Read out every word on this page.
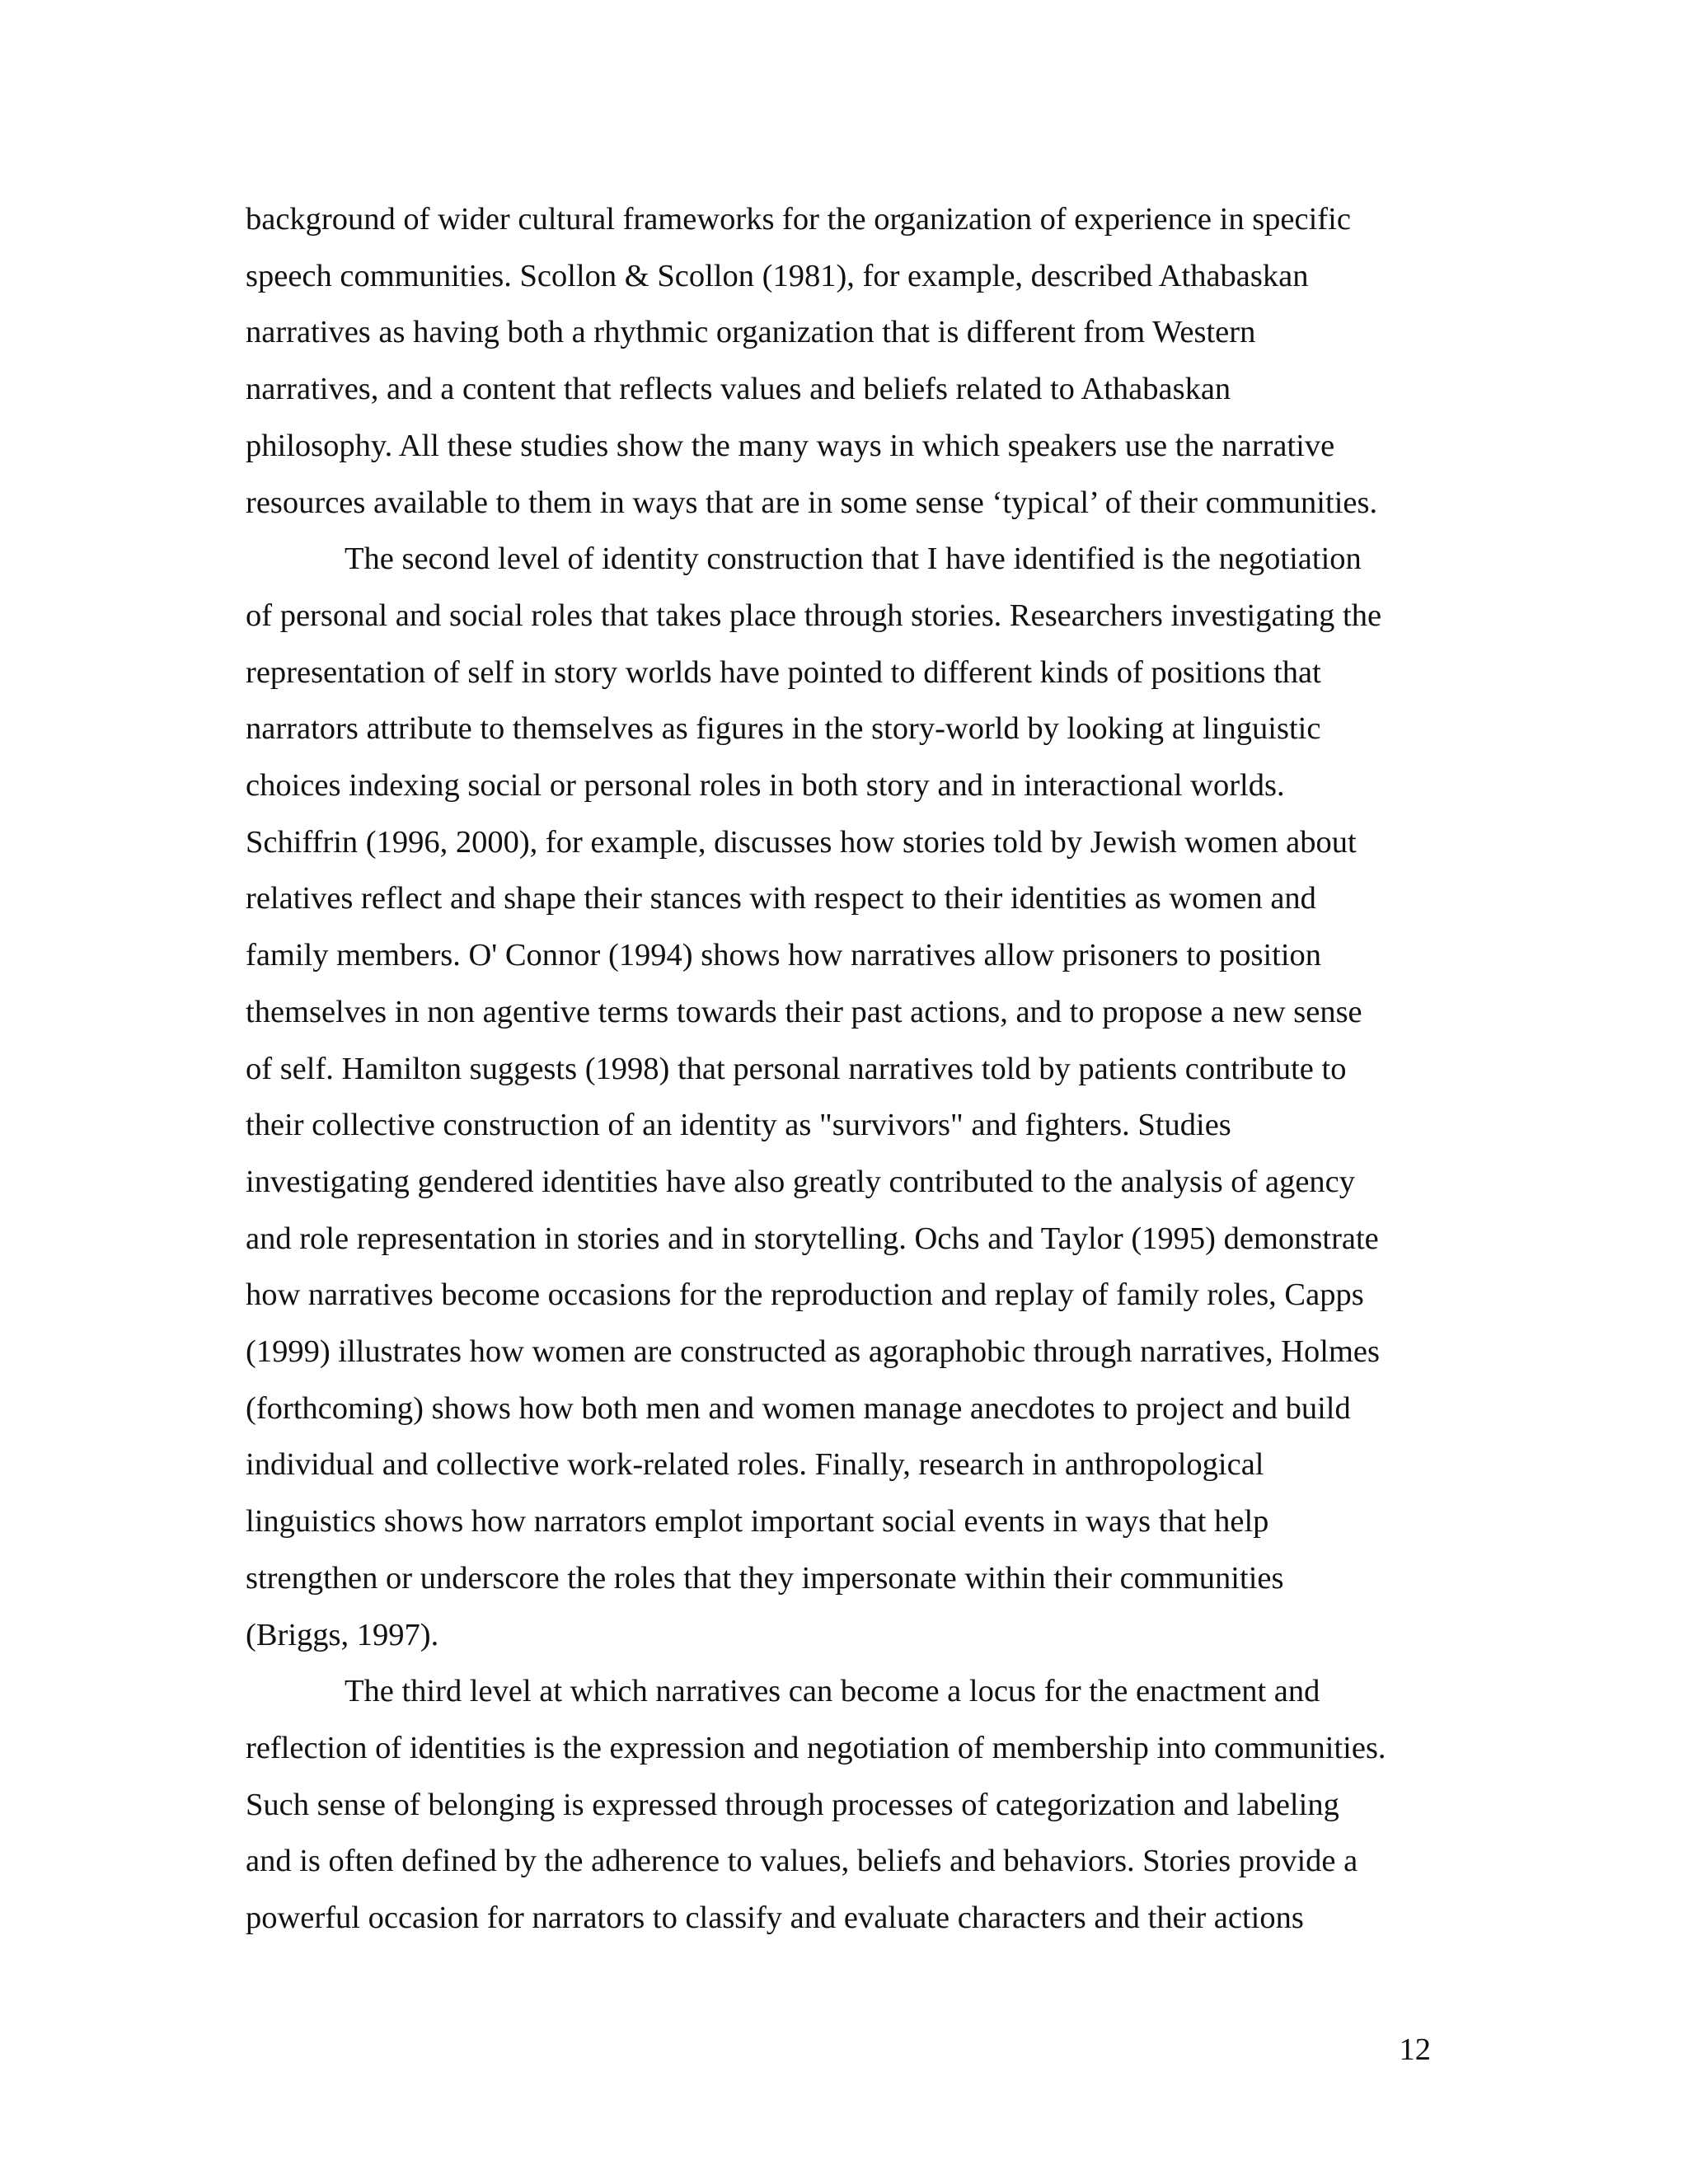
background of wider cultural frameworks for the organization of experience in specific
speech communities. Scollon & Scollon (1981), for example, described Athabaskan
narratives as having both a rhythmic organization that is different from Western
narratives, and a content that reflects values and beliefs related to Athabaskan
philosophy. All these studies show the many ways in which speakers use the narrative
resources available to them in ways that are in some sense ‘typical’ of their communities.
The second level of identity construction that I have identified is the negotiation
of personal and social roles that takes place through stories. Researchers investigating the
representation of self in story worlds have pointed to different kinds of positions that
narrators attribute to themselves as figures in the story-world by looking at linguistic
choices indexing social or personal roles in both story and in interactional worlds.
Schiffrin (1996, 2000), for example, discusses how stories told by Jewish women about
relatives reflect and shape their stances with respect to their identities as women and
family members. O' Connor (1994) shows how narratives allow prisoners to position
themselves in non agentive terms towards their past actions, and to propose a new sense
of self. Hamilton suggests (1998) that personal narratives told by patients contribute to
their collective construction of an identity as "survivors" and fighters. Studies
investigating gendered identities have also greatly contributed to the analysis of agency
and role representation in stories and in storytelling. Ochs and Taylor (1995) demonstrate
how narratives become occasions for the reproduction and replay of family roles, Capps
(1999) illustrates how women are constructed as agoraphobic through narratives, Holmes
(forthcoming) shows how both men and women manage anecdotes to project and build
individual and collective work-related roles. Finally, research in anthropological
linguistics shows how narrators emplot important social events in ways that help
strengthen or underscore the roles that they impersonate within their communities
(Briggs, 1997).
The third level at which narratives can become a locus for the enactment and
reflection of identities is the expression and negotiation of membership into communities.
Such sense of belonging is expressed through processes of categorization and labeling
and is often defined by the adherence to values, beliefs and behaviors. Stories provide a
powerful occasion for narrators to classify and evaluate characters and their actions
12
